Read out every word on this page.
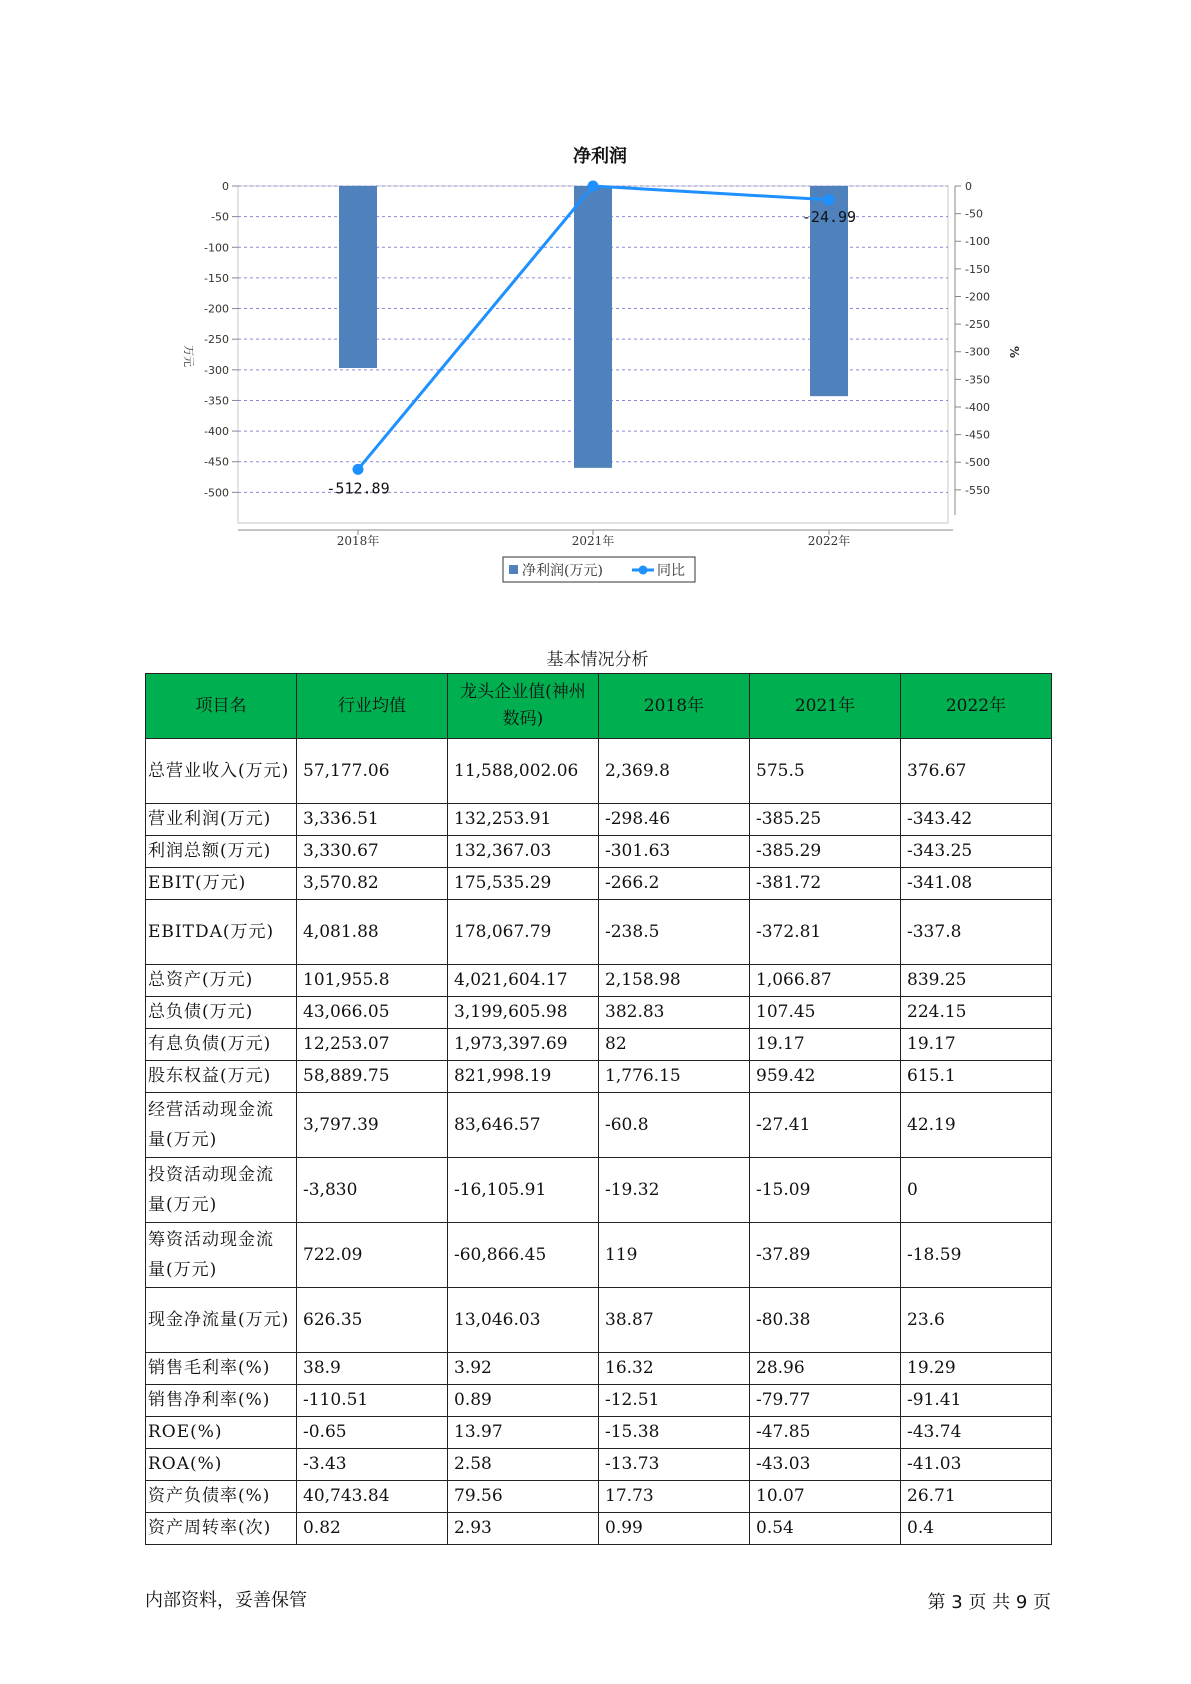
净利润
0
-50
-100
-150
-200
-250
-300
-350
-400
-450
-500
0
-50
-100
-150
-200
-250
-300
-350
-400
-450
-500
-550
万元	%
2018年	2021年	2022年
-512.89
-24.99
净利润(万元)	同比
基本情况分析
项目名	行业均值	龙头企业值(神州数码)	2018年	2021年	2022年
总营业收入(万元)	57,177.06	11,588,002.06	2,369.8	575.5	376.67
营业利润(万元)	3,336.51	132,253.91	-298.46	-385.25	-343.42
利润总额(万元)	3,330.67	132,367.03	-301.63	-385.29	-343.25
EBIT(万元)	3,570.82	175,535.29	-266.2	-381.72	-341.08
EBITDA(万元)	4,081.88	178,067.79	-238.5	-372.81	-337.8
总资产(万元)	101,955.8	4,021,604.17	2,158.98	1,066.87	839.25
总负债(万元)	43,066.05	3,199,605.98	382.83	107.45	224.15
有息负债(万元)	12,253.07	1,973,397.69	82	19.17	19.17
股东权益(万元)	58,889.75	821,998.19	1,776.15	959.42	615.1
经营活动现金流量(万元)	3,797.39	83,646.57	-60.8	-27.41	42.19
投资活动现金流量(万元)	-3,830	-16,105.91	-19.32	-15.09	0
筹资活动现金流量(万元)	722.09	-60,866.45	119	-37.89	-18.59
现金净流量(万元)	626.35	13,046.03	38.87	-80.38	23.6
销售毛利率(%)	38.9	3.92	16.32	28.96	19.29
销售净利率(%)	-110.51	0.89	-12.51	-79.77	-91.41
ROE(%)	-0.65	13.97	-15.38	-47.85	-43.74
ROA(%)	-3.43	2.58	-13.73	-43.03	-41.03
资产负债率(%)	40,743.84	79.56	17.73	10.07	26.71
资产周转率(次)	0.82	2.93	0.99	0.54	0.4
内部资料，妥善保管	第 3 页 共 9 页
